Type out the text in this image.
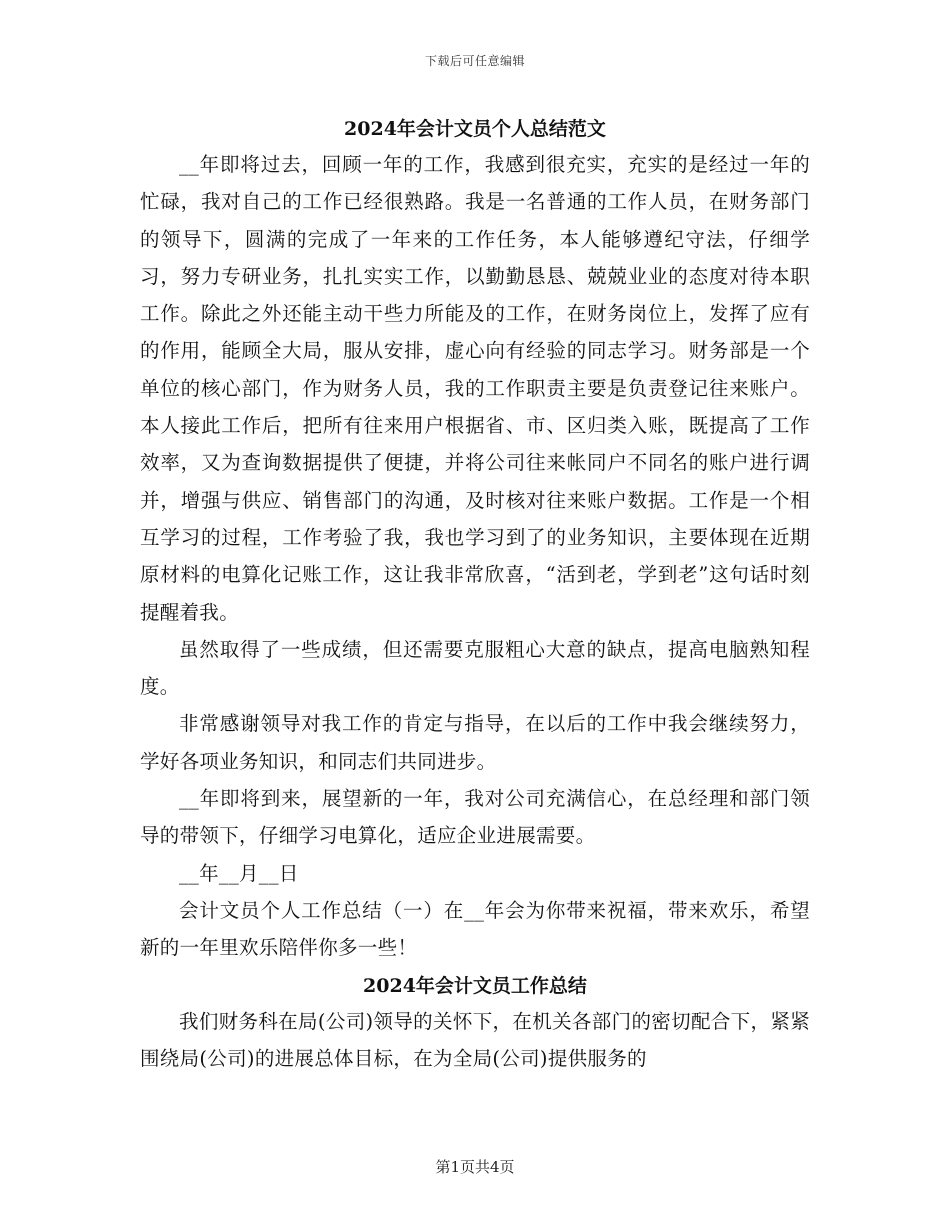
下载后可任意编辑
2024年会计文员个人总结范文

__年即将过去，回顾一年的工作，我感到很充实，充实的是经过一年的忙碌，我对自己的工作已经很熟路。我是一名普通的工作人员，在财务部门的领导下，圆满的完成了一年来的工作任务，本人能够遵纪守法，仔细学习，努力专研业务，扎扎实实工作，以勤勤恳恳、兢兢业业的态度对待本职工作。除此之外还能主动干些力所能及的工作，在财务岗位上，发挥了应有的作用，能顾全大局，服从安排，虚心向有经验的同志学习。财务部是一个单位的核心部门，作为财务人员，我的工作职责主要是负责登记往来账户。本人接此工作后，把所有往来用户根据省、市、区归类入账，既提高了工作效率，又为查询数据提供了便捷，并将公司往来帐同户不同名的账户进行调并，增强与供应、销售部门的沟通，及时核对往来账户数据。工作是一个相互学习的过程，工作考验了我，我也学习到了的业务知识，主要体现在近期原材料的电算化记账工作，这让我非常欣喜，“活到老，学到老”这句话时刻提醒着我。

虽然取得了一些成绩，但还需要克服粗心大意的缺点，提高电脑熟知程度。

非常感谢领导对我工作的肯定与指导，在以后的工作中我会继续努力，学好各项业务知识，和同志们共同进步。

__年即将到来，展望新的一年，我对公司充满信心，在总经理和部门领导的带领下，仔细学习电算化，适应企业进展需要。

__年__月__日

会计文员个人工作总结（一）在__年会为你带来祝福，带来欢乐，希望新的一年里欢乐陪伴你多一些！

2024年会计文员工作总结

我们财务科在局(公司)领导的关怀下，在机关各部门的密切配合下，紧紧围绕局(公司)的进展总体目标，在为全局(公司)提供服务的

第1页共4页
